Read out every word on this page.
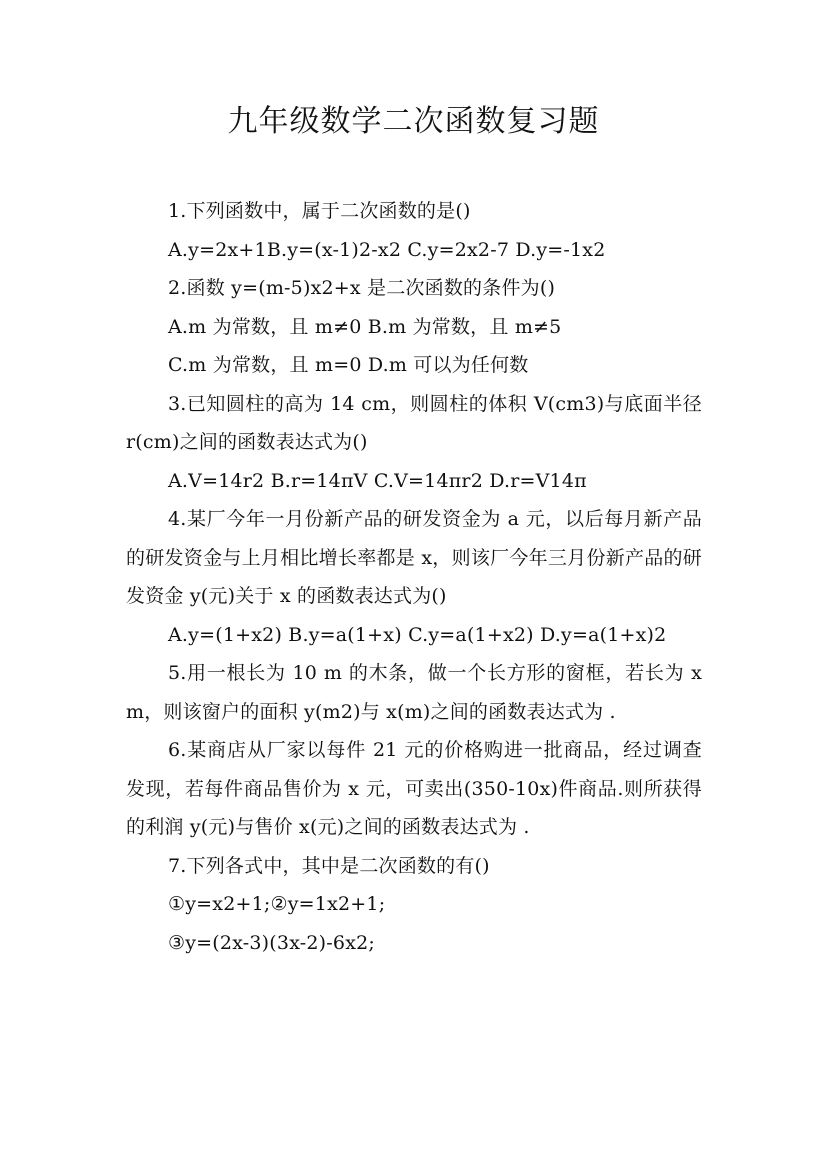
九年级数学二次函数复习题

1.下列函数中，属于二次函数的是()

A.y=2x+1B.y=(x-1)2-x2 C.y=2x2-7 D.y=-1x2

2.函数 y=(m-5)x2+x 是二次函数的条件为()

A.m 为常数，且 m≠0 B.m 为常数，且 m≠5

C.m 为常数，且 m=0 D.m 可以为任何数

3.已知圆柱的高为 14 cm，则圆柱的体积 V(cm3)与底面半径 r(cm)之间的函数表达式为()

A.V=14r2 B.r=14πV C.V=14πr2 D.r=V14π

4.某厂今年一月份新产品的研发资金为 a 元，以后每月新产品的研发资金与上月相比增长率都是 x，则该厂今年三月份新产品的研发资金 y(元)关于 x 的函数表达式为()

A.y=(1+x2) B.y=a(1+x) C.y=a(1+x2) D.y=a(1+x)2

5.用一根长为 10 m 的木条，做一个长方形的窗框，若长为 x m，则该窗户的面积 y(m2)与 x(m)之间的函数表达式为 .

6.某商店从厂家以每件 21 元的价格购进一批商品，经过调查发现，若每件商品售价为 x 元，可卖出(350-10x)件商品.则所获得的利润 y(元)与售价 x(元)之间的函数表达式为 .

7.下列各式中，其中是二次函数的有()

①y=x2+1;②y=1x2+1;

③y=(2x-3)(3x-2)-6x2;
